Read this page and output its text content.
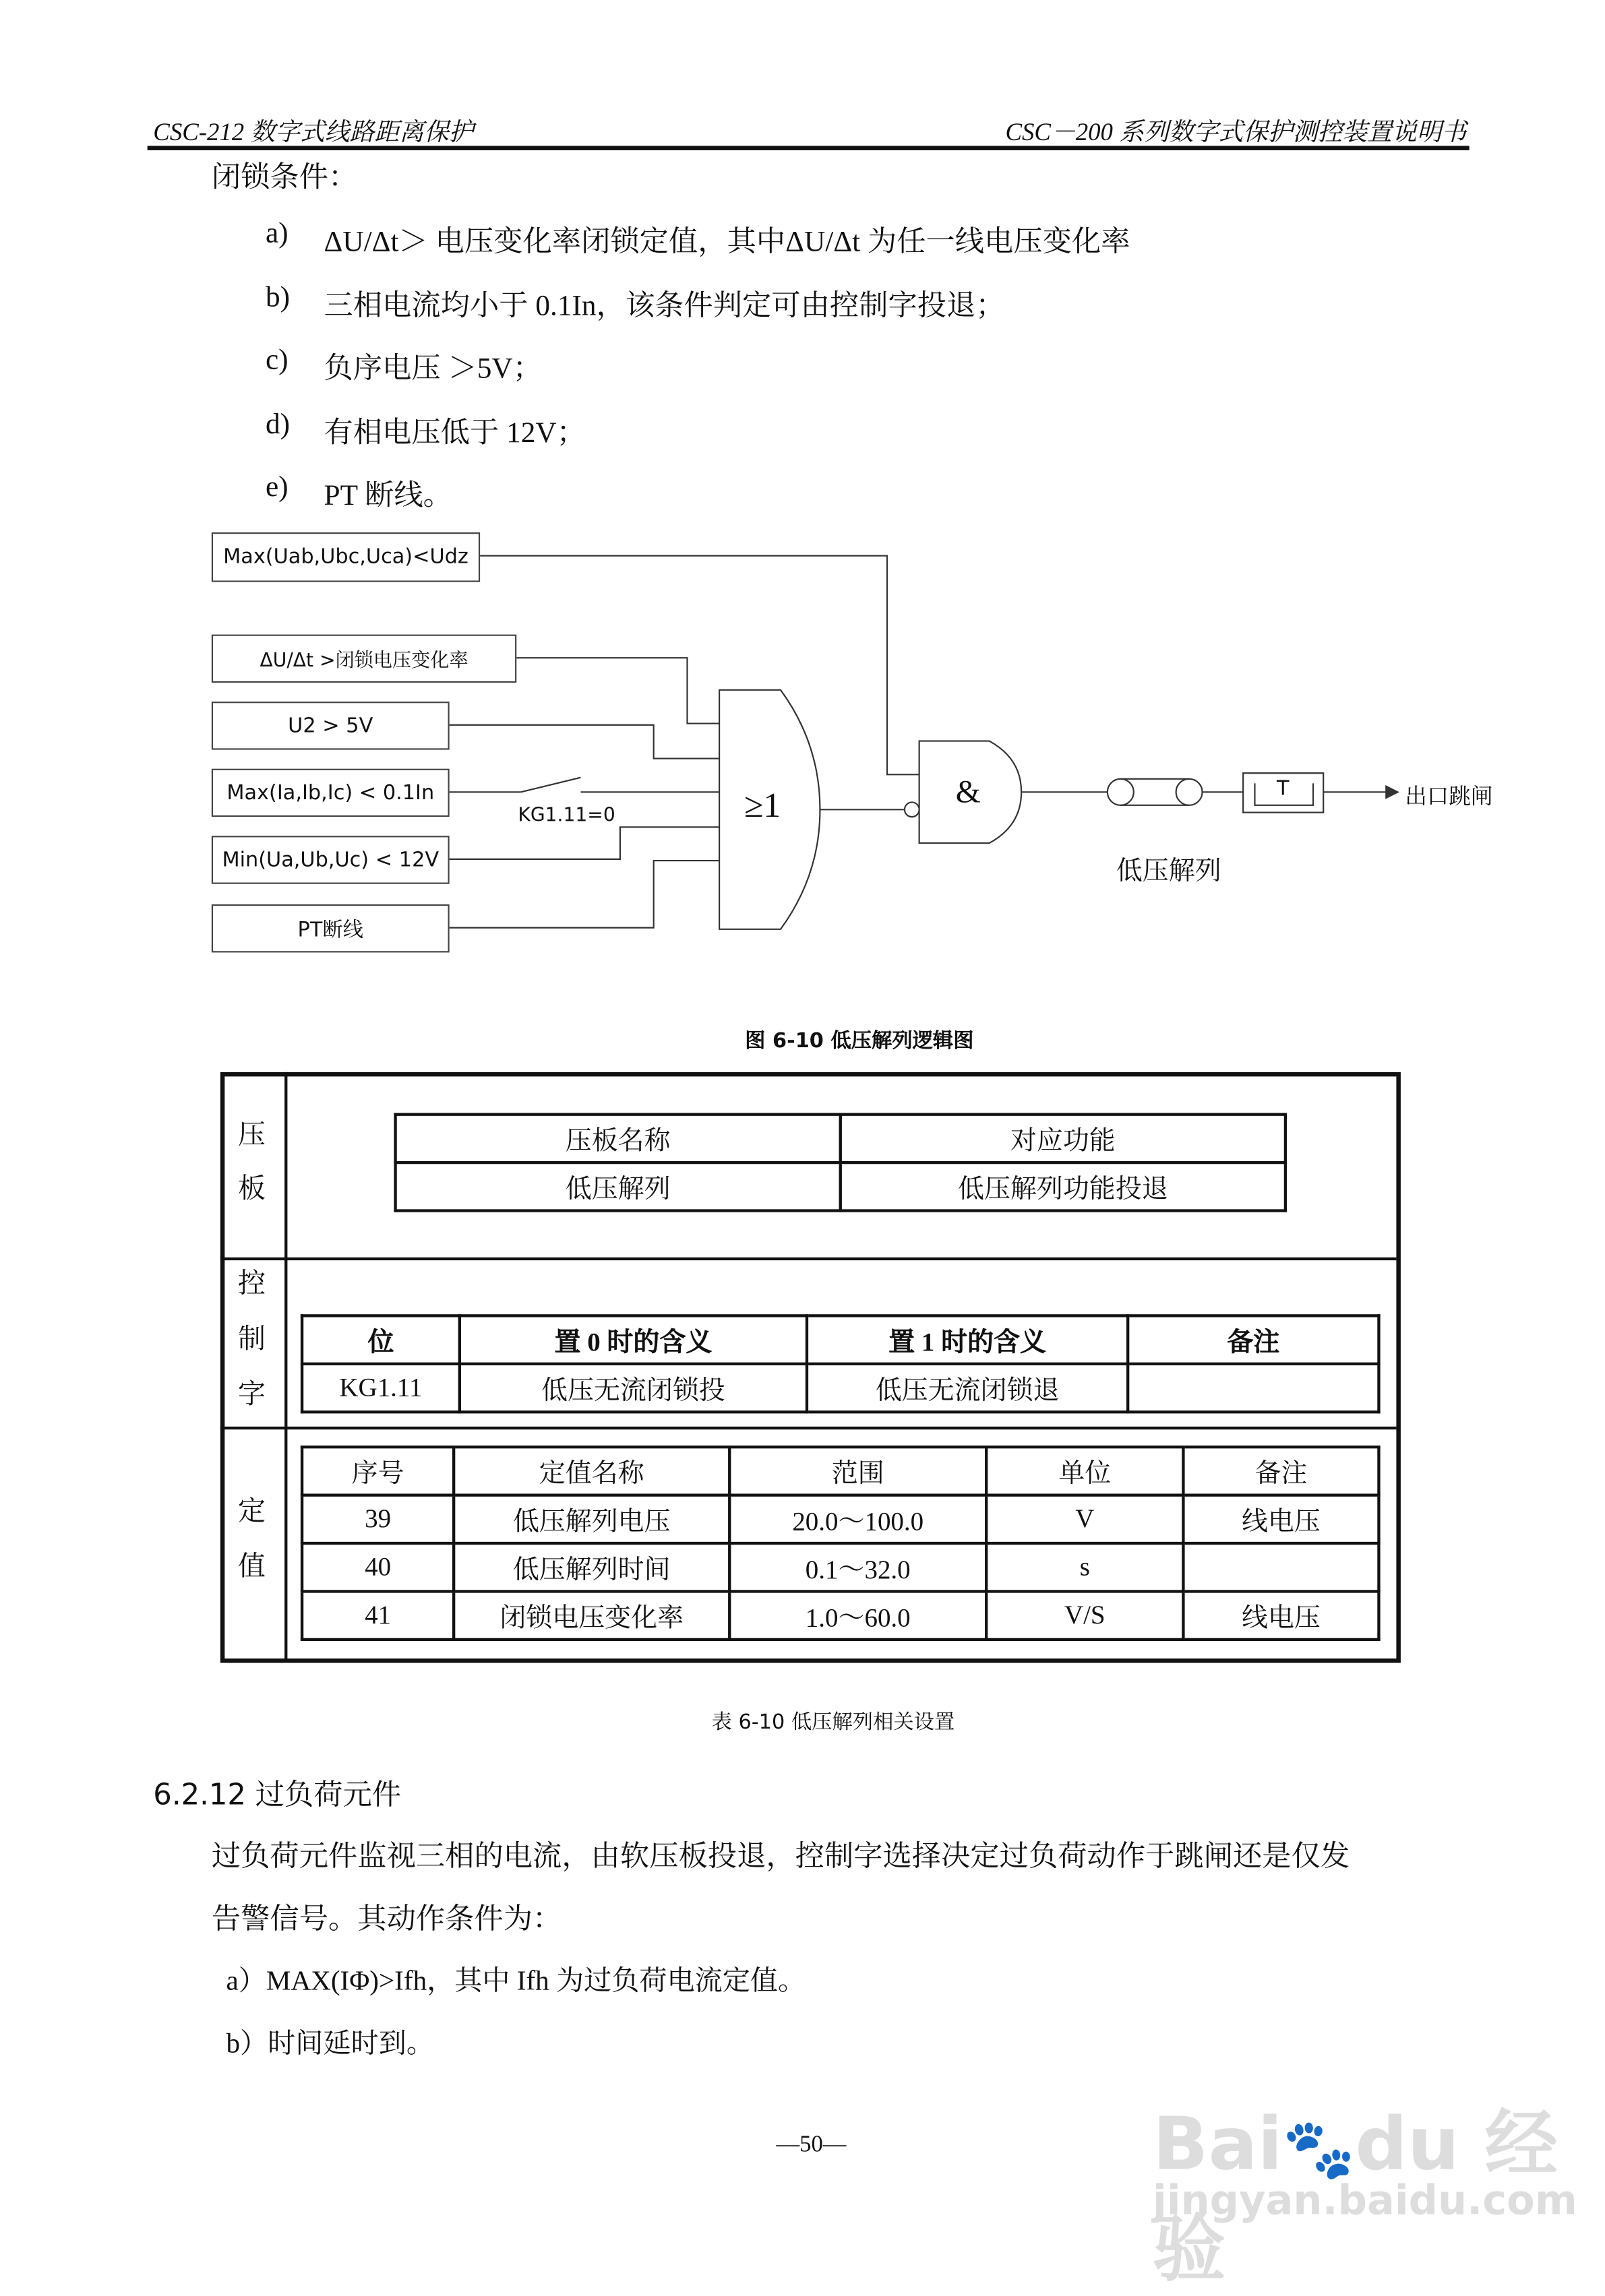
CSC-212 数字式线路距离保护	CSC－200 系列数字式保护测控装置说明书
闭锁条件：
a)	ΔU/Δt＞ 电压变化率闭锁定值，其中ΔU/Δt 为任一线电压变化率
b)	三相电流均小于 0.1In，该条件判定可由控制字投退；
c)	负序电压 ＞5V；
d)	有相电压低于 12V；
e)	PT 断线。
Max(Uab,Ubc,Uca)<Udz
ΔU/Δt >闭锁电压变化率
U2 > 5V
Max(Ia,Ib,Ic) < 0.1In
Min(Ua,Ub,Uc) < 12V
PT断线
KG1.11=0	≥1	&	T	出口跳闸
低压解列
图 6-10 低压解列逻辑图
压
板
压板名称	对应功能
低压解列	低压解列功能投退
控
制
字
位	置 0 时的含义	置 1 时的含义	备注
KG1.11	低压无流闭锁投	低压无流闭锁退	
定
值
序号	定值名称	范围	单位	备注
39	低压解列电压	20.0～100.0	V	线电压
40	低压解列时间	0.1～32.0	s	
41	闭锁电压变化率	1.0～60.0	V/S	线电压
表 6-10 低压解列相关设置
6.2.12 过负荷元件
过负荷元件监视三相的电流，由软压板投退，控制字选择决定过负荷动作于跳闸还是仅发
告警信号。其动作条件为：
a）MAX(IΦ)>Ifh，其中 Ifh 为过负荷电流定值。
b）时间延时到。
—50—	Bai🐾du 经验
jingyan.baidu.com
